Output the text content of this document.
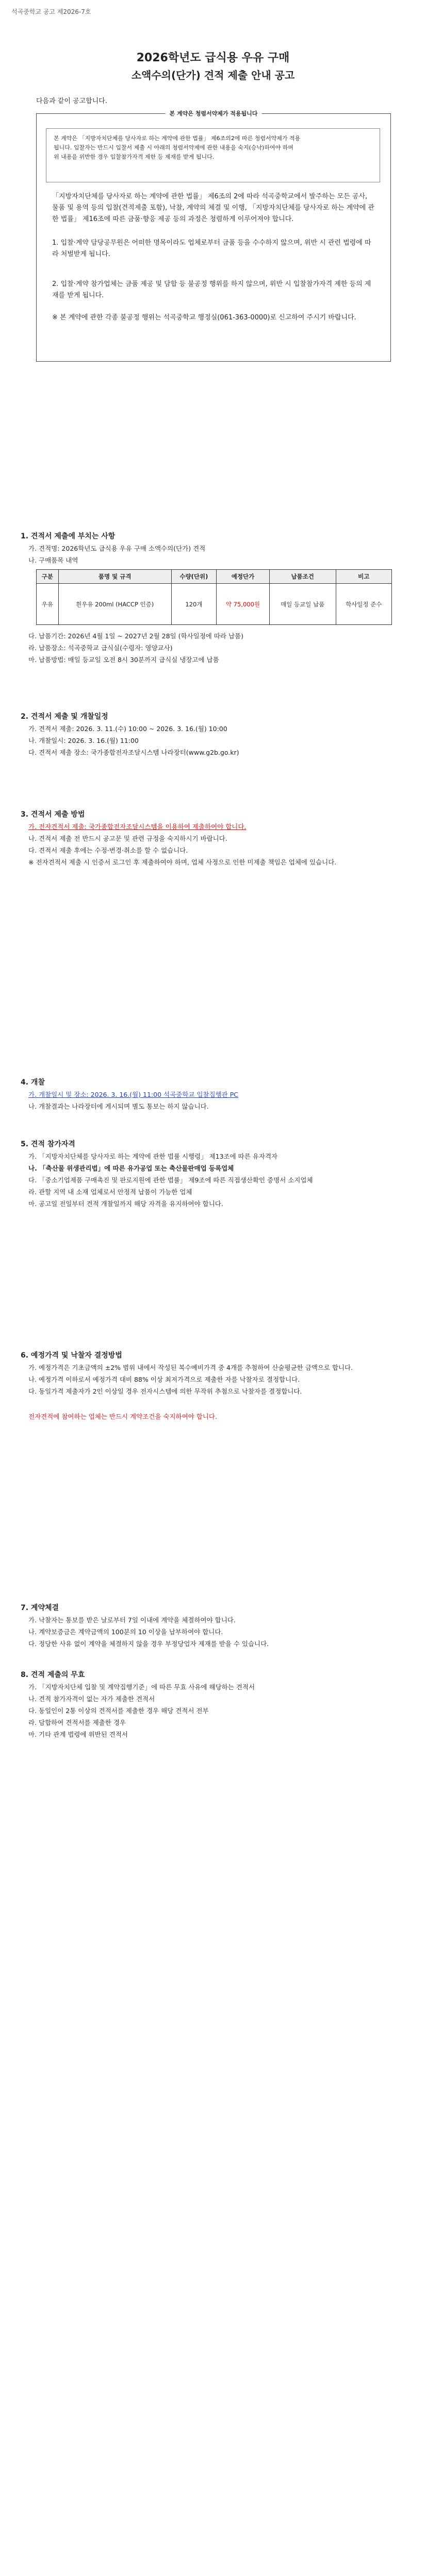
석곡중학교 공고 제2026-7호
2026학년도 급식용 우유 구매
소액수의(단가) 견적 제출 안내 공고
다음과 같이 공고합니다.
본 계약은 청렴서약제가 적용됩니다
본 계약은 「지방자치단체를 당사자로 하는 계약에 관한 법률」 제6조의2에 따른 청렴서약제가 적용
됩니다. 입찰자는 반드시 입찰서 제출 시 아래의 청렴서약제에 관한 내용을 숙지(승낙)하여야 하며
위 내용을 위반한 경우 입찰참가자격 제한 등 제재를 받게 됩니다.
「지방자치단체를 당사자로 하는 계약에 관한 법률」 제6조의 2에 따라 석곡중학교에서 발주하는 모든 공사, 물품 및 용역 등의 입찰(견적제출 포함), 낙찰, 계약의 체결 및 이행, 「지방자치단체를 당사자로 하는 계약에 관한 법률」 제16조에 따른 금품·향응 제공 등의 과정은 청렴하게 이루어져야 합니다.
1. 입찰·계약 담당공무원은 어떠한 명목이라도 업체로부터 금품 등을 수수하지 않으며, 위반 시 관련 법령에 따라 처벌받게 됩니다.
2. 입찰·계약 참가업체는 금품 제공 및 담합 등 불공정 행위를 하지 않으며, 위반 시 입찰참가자격 제한 등의 제재를 받게 됩니다.
※ 본 계약에 관한 각종 불공정 행위는 석곡중학교 행정실(061-363-0000)로 신고하여 주시기 바랍니다.
1. 견적서 제출에 부치는 사항
가. 견적명: 2026학년도 급식용 우유 구매 소액수의(단가) 견적
나. 구매품목 내역
구분	품명 및 규격	수량(단위)	예정단가	납품조건	비고
우유	흰우유 200ml (HACCP 인증)	120개	약 75,000원	매일 등교일 납품	학사일정 준수
다. 납품기간: 2026년 4월 1일 ~ 2027년 2월 28일 (학사일정에 따라 납품)
라. 납품장소: 석곡중학교 급식실(수령자: 영양교사)
마. 납품방법: 매일 등교일 오전 8시 30분까지 급식실 냉장고에 납품
2. 견적서 제출 및 개찰일정
가. 견적서 제출: 2026. 3. 11.(수) 10:00 ~ 2026. 3. 16.(월) 10:00
나. 개찰일시: 2026. 3. 16.(월) 11:00
다. 견적서 제출 장소: 국가종합전자조달시스템 나라장터(www.g2b.go.kr)
3. 견적서 제출 방법
가. 전자견적서 제출: 국가종합전자조달시스템을 이용하여 제출하여야 합니다.
나. 견적서 제출 전 반드시 공고문 및 관련 규정을 숙지하시기 바랍니다.
다. 견적서 제출 후에는 수정·변경·취소를 할 수 없습니다.
※ 전자견적서 제출 시 인증서 로그인 후 제출하여야 하며, 업체 사정으로 인한 미제출 책임은 업체에 있습니다.
4. 개찰
가. 개찰일시 및 장소: 2026. 3. 16.(월) 11:00 석곡중학교 입찰집행관 PC
나. 개찰결과는 나라장터에 게시되며 별도 통보는 하지 않습니다.
5. 견적 참가자격
가. 「지방자치단체를 당사자로 하는 계약에 관한 법률 시행령」 제13조에 따른 유자격자
나. 「축산물 위생관리법」에 따른 유가공업 또는 축산물판매업 등록업체
다. 「중소기업제품 구매촉진 및 판로지원에 관한 법률」 제9조에 따른 직접생산확인 증명서 소지업체
라. 관할 지역 내 소재 업체로서 안정적 납품이 가능한 업체
마. 공고일 전일부터 견적 개찰일까지 해당 자격을 유지하여야 합니다.
6. 예정가격 및 낙찰자 결정방법
가. 예정가격은 기초금액의 ±2% 범위 내에서 작성된 복수예비가격 중 4개를 추첨하여 산술평균한 금액으로 합니다.
나. 예정가격 이하로서 예정가격 대비 88% 이상 최저가격으로 제출한 자를 낙찰자로 결정합니다.
다. 동일가격 제출자가 2인 이상일 경우 전자시스템에 의한 무작위 추첨으로 낙찰자를 결정합니다.
전자견적에 참여하는 업체는 반드시 계약조건을 숙지하여야 합니다.
7. 계약체결
가. 낙찰자는 통보를 받은 날로부터 7일 이내에 계약을 체결하여야 합니다.
나. 계약보증금은 계약금액의 100분의 10 이상을 납부하여야 합니다.
다. 정당한 사유 없이 계약을 체결하지 않을 경우 부정당업자 제재를 받을 수 있습니다.
8. 견적 제출의 무효
가. 「지방자치단체 입찰 및 계약집행기준」에 따른 무효 사유에 해당하는 견적서
나. 견적 참가자격이 없는 자가 제출한 견적서
다. 동일인이 2통 이상의 견적서를 제출한 경우 해당 견적서 전부
라. 담합하여 견적서를 제출한 경우
마. 기타 관계 법령에 위반된 견적서
